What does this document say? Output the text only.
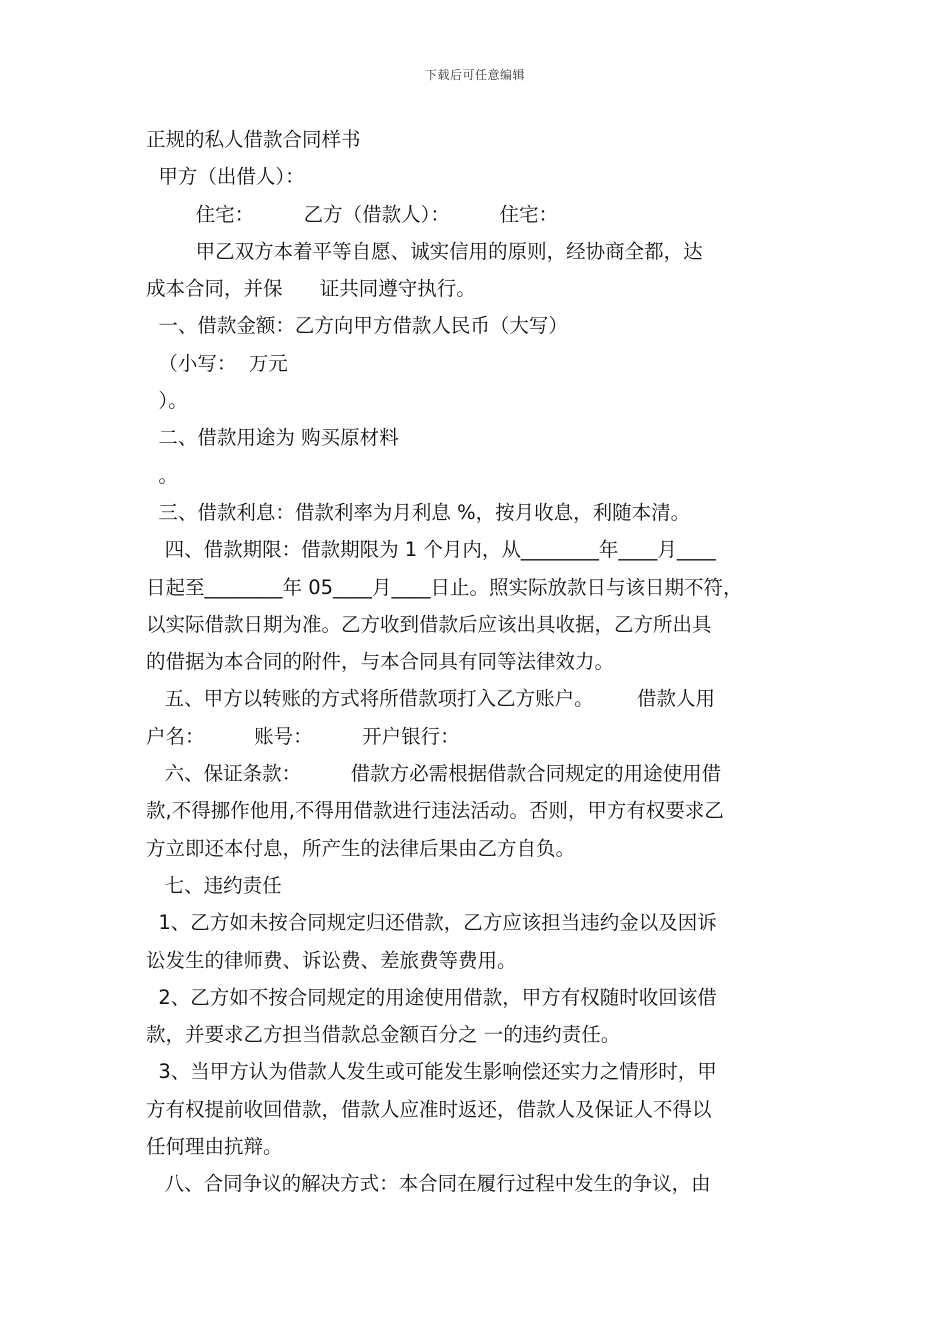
下载后可任意编辑
正规的私人借款合同样书
甲方（出借人）：
住宅：        乙方（借款人）：        住宅：
甲乙双方本着平等自愿、诚实信用的原则，经协商全都，达
成本合同，并保      证共同遵守执行。
一、借款金额：乙方向甲方借款人民币（大写）
（小写：  万元
）。
二、借款用途为 购买原材料
。
三、借款利息：借款利率为月利息 %，按月收息，利随本清。
四、借款期限：借款期限为 1 个月内，从________年____月____
日起至________年 05____月____日止。照实际放款日与该日期不符，
以实际借款日期为准。乙方收到借款后应该出具收据，乙方所出具
的借据为本合同的附件，与本合同具有同等法律效力。
五、甲方以转账的方式将所借款项打入乙方账户。       借款人用
户名：        账号：        开户银行：
六、保证条款：        借款方必需根据借款合同规定的用途使用借
款,不得挪作他用,不得用借款进行违法活动。否则，甲方有权要求乙
方立即还本付息，所产生的法律后果由乙方自负。
七、违约责任
1、乙方如未按合同规定归还借款，乙方应该担当违约金以及因诉
讼发生的律师费、诉讼费、差旅费等费用。
2、乙方如不按合同规定的用途使用借款，甲方有权随时收回该借
款，并要求乙方担当借款总金额百分之 一的违约责任。
3、当甲方认为借款人发生或可能发生影响偿还实力之情形时，甲
方有权提前收回借款，借款人应准时返还，借款人及保证人不得以
任何理由抗辩。
八、合同争议的解决方式：本合同在履行过程中发生的争议，由
